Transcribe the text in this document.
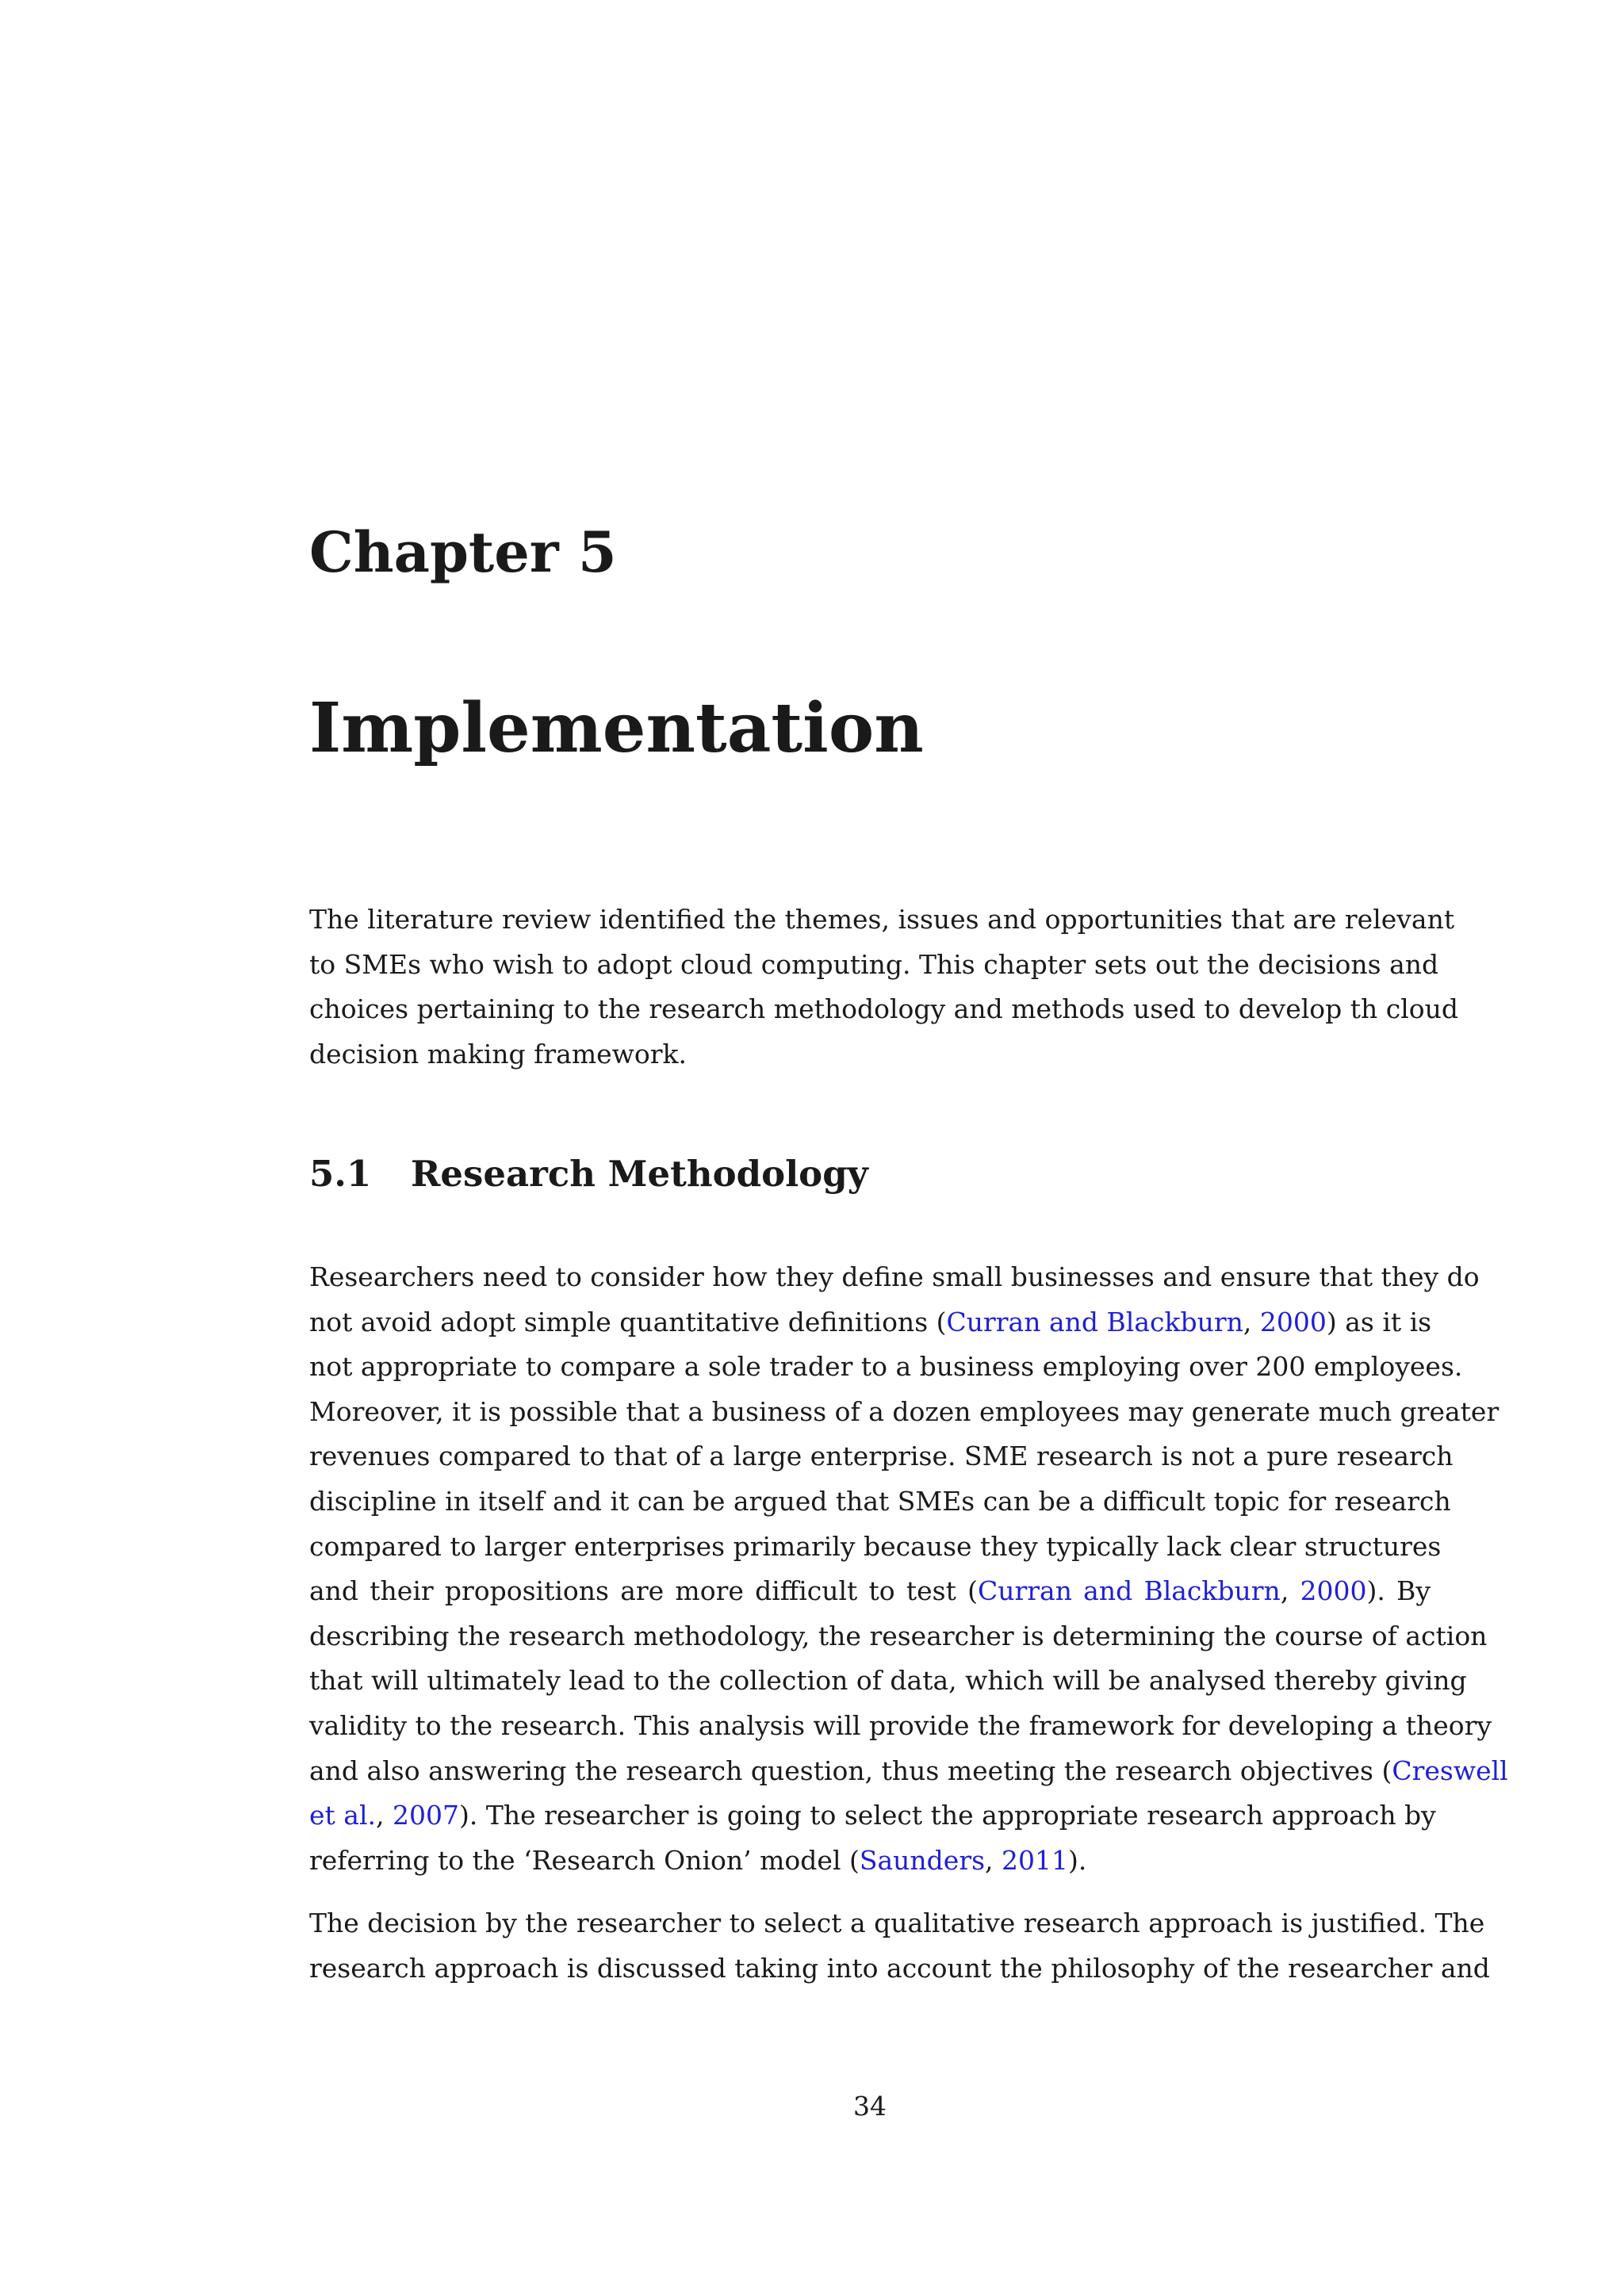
Chapter 5
Implementation
The literature review identified the themes, issues and opportunities that are relevant
to SMEs who wish to adopt cloud computing. This chapter sets out the decisions and
choices pertaining to the research methodology and methods used to develop th cloud
decision making framework.
5.1 Research Methodology
Researchers need to consider how they define small businesses and ensure that they do
not avoid adopt simple quantitative definitions (Curran and Blackburn, 2000) as it is
not appropriate to compare a sole trader to a business employing over 200 employees.
Moreover, it is possible that a business of a dozen employees may generate much greater
revenues compared to that of a large enterprise. SME research is not a pure research
discipline in itself and it can be argued that SMEs can be a difficult topic for research
compared to larger enterprises primarily because they typically lack clear structures
and their propositions are more difficult to test (Curran and Blackburn, 2000). By
describing the research methodology, the researcher is determining the course of action
that will ultimately lead to the collection of data, which will be analysed thereby giving
validity to the research. This analysis will provide the framework for developing a theory
and also answering the research question, thus meeting the research objectives (Creswell
et al., 2007). The researcher is going to select the appropriate research approach by
referring to the ‘Research Onion’ model (Saunders, 2011).
The decision by the researcher to select a qualitative research approach is justified. The
research approach is discussed taking into account the philosophy of the researcher and
34
